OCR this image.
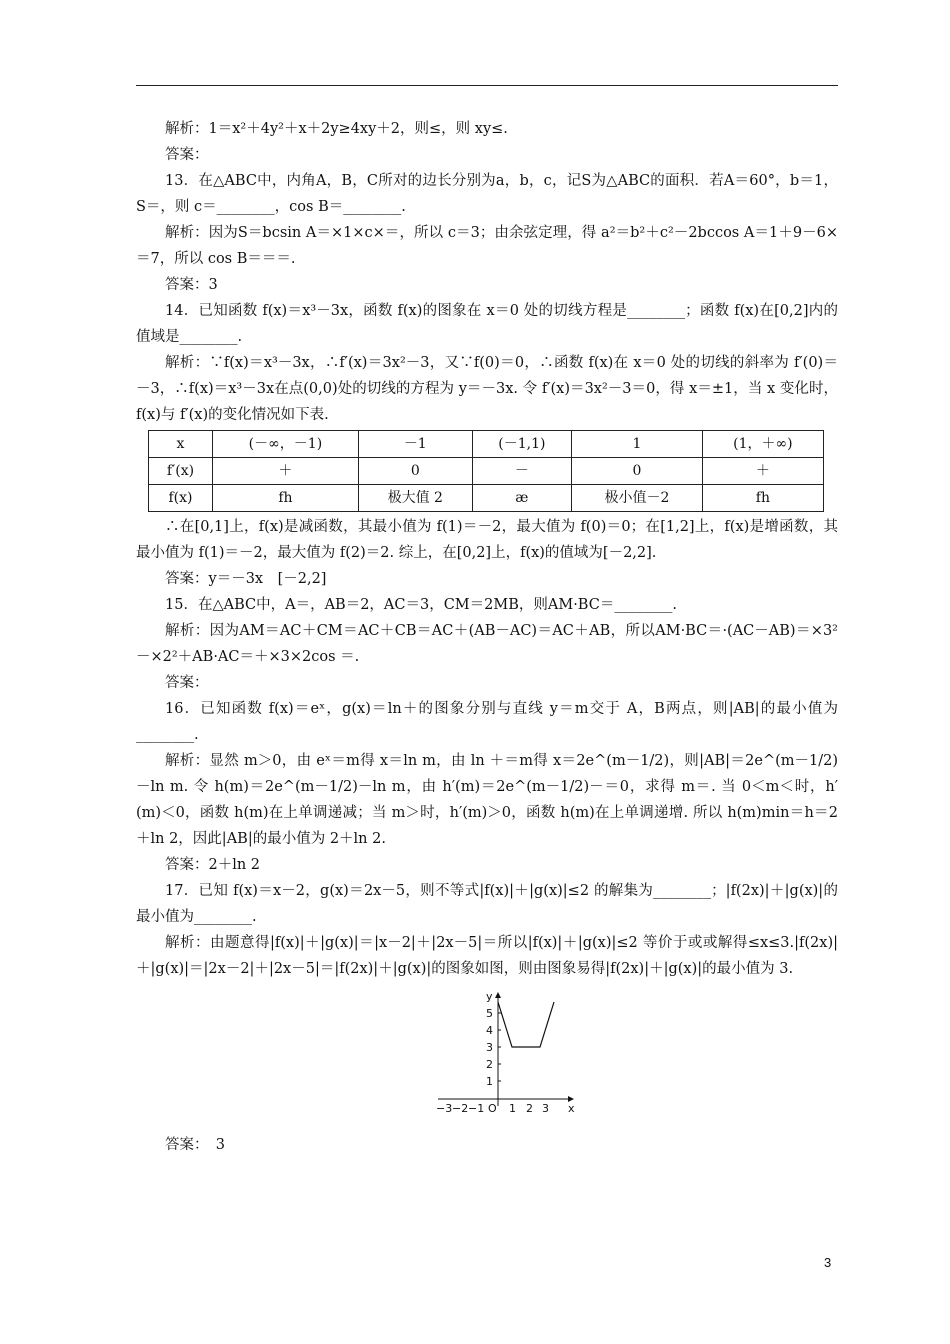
解析：1＝x²＋4y²＋x＋2y≥4xy＋2，则≤，则 xy≤.

答案：

13．在△ABC中，内角A，B，C所对的边长分别为a，b，c，记S为△ABC的面积．若A＝60°，b＝1，S＝，则 c＝________，cos B＝________.

解析：因为S＝bcsin A＝×1×c×＝，所以 c＝3；由余弦定理，得 a²＝b²＋c²－2bccos A＝1＋9－6×＝7，所以 cos B＝＝＝.

答案：3

14．已知函数 f(x)＝x³－3x，函数 f(x)的图象在 x＝0 处的切线方程是________；函数 f(x)在[0,2]内的值域是________.

解析：∵f(x)＝x³－3x，∴f′(x)＝3x²－3，又∵f(0)＝0，∴函数 f(x)在 x＝0 处的切线的斜率为 f′(0)＝－3，∴f(x)＝x³－3x在点(0,0)处的切线的方程为 y＝－3x. 令 f′(x)＝3x²－3＝0，得 x＝±1，当 x 变化时，f(x)与 f′(x)的变化情况如下表.

x	(－∞，－1)	－1	(－1,1)	1	(1，＋∞)
f′(x)	＋	0	－	0	＋
f(x)	fh	极大值 2	æ	极小值－2	fh

∴在[0,1]上，f(x)是减函数，其最小值为 f(1)＝－2，最大值为 f(0)＝0；在[1,2]上，f(x)是增函数，其最小值为 f(1)＝－2，最大值为 f(2)＝2. 综上，在[0,2]上，f(x)的值域为[－2,2].

答案：y＝－3x　[－2,2]

15．在△ABC中，A＝，AB＝2，AC＝3，CM＝2MB，则AM·BC＝________.

解析：因为AM＝AC＋CM＝AC＋CB＝AC＋(AB－AC)＝AC＋AB，所以AM·BC＝·(AC－AB)＝×3²－×2²＋AB·AC＝＋×3×2cos ＝.

答案：

16．已知函数 f(x)＝eˣ，g(x)＝ln＋的图象分别与直线 y＝m交于 A，B两点，则|AB|的最小值为________.

解析：显然 m＞0，由 eˣ＝m得 x＝ln m，由 ln ＋＝m得 x＝2e^(m－1/2)，则|AB|＝2e^(m－1/2)－ln m. 令 h(m)＝2e^(m－1/2)－ln m，由 h′(m)＝2e^(m－1/2)－＝0，求得 m＝. 当 0＜m＜时，h′(m)＜0，函数 h(m)在上单调递减；当 m＞时，h′(m)＞0，函数 h(m)在上单调递增. 所以 h(m)min＝h＝2＋ln 2，因此|AB|的最小值为 2＋ln 2.

答案：2＋ln 2

17．已知 f(x)＝x－2，g(x)＝2x－5，则不等式|f(x)|＋|g(x)|≤2 的解集为________；|f(2x)|＋|g(x)|的最小值为________.

解析：由题意得|f(x)|＋|g(x)|＝|x－2|＋|2x－5|＝所以|f(x)|＋|g(x)|≤2 等价于或或解得≤x≤3.|f(2x)|＋|g(x)|＝|2x－2|＋|2x－5|＝|f(2x)|＋|g(x)|的图象如图，则由图象易得|f(2x)|＋|g(x)|的最小值为 3.

y
x
O
1
2
3
4
5
−3 −2 −1 1 2 3

答案：　3

3
